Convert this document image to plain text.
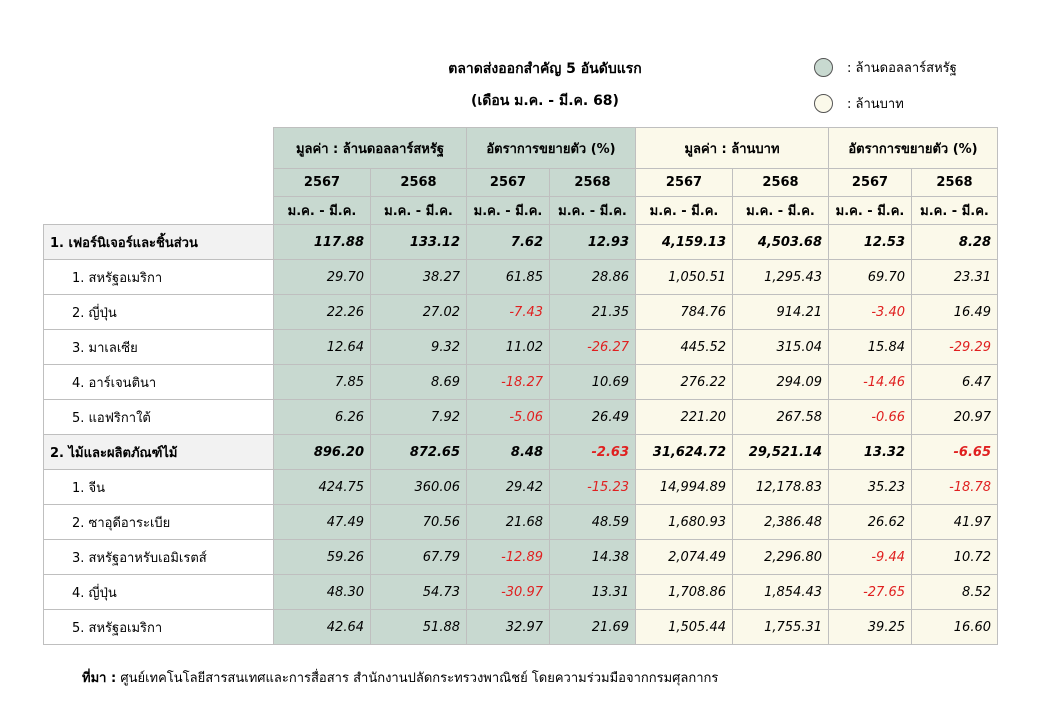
ตลาดส่งออกสำคัญ 5 อันดับแรก
(เดือน ม.ค. - มี.ค. 68)
: ล้านดอลลาร์สหรัฐ
: ล้านบาท
	มูลค่า : ล้านดอลลาร์สหรัฐ		อัตราการขยายตัว (%)		มูลค่า : ล้านบาท		อัตราการขยายตัว (%)	
	2567	2568	2567	2568	2567	2568	2567	2568
	ม.ค. - มี.ค.	ม.ค. - มี.ค.	ม.ค. - มี.ค.	ม.ค. - มี.ค.	ม.ค. - มี.ค.	ม.ค. - มี.ค.	ม.ค. - มี.ค.	ม.ค. - มี.ค.
1. เฟอร์นิเจอร์และชิ้นส่วน	117.88	133.12	7.62	12.93	4,159.13	4,503.68	12.53	8.28
1. สหรัฐอเมริกา	29.70	38.27	61.85	28.86	1,050.51	1,295.43	69.70	23.31
2. ญี่ปุ่น	22.26	27.02	-7.43	21.35	784.76	914.21	-3.40	16.49
3. มาเลเซีย	12.64	9.32	11.02	-26.27	445.52	315.04	15.84	-29.29
4. อาร์เจนตินา	7.85	8.69	-18.27	10.69	276.22	294.09	-14.46	6.47
5. แอฟริกาใต้	6.26	7.92	-5.06	26.49	221.20	267.58	-0.66	20.97
2. ไม้และผลิตภัณฑ์ไม้	896.20	872.65	8.48	-2.63	31,624.72	29,521.14	13.32	-6.65
1. จีน	424.75	360.06	29.42	-15.23	14,994.89	12,178.83	35.23	-18.78
2. ซาอุดีอาระเบีย	47.49	70.56	21.68	48.59	1,680.93	2,386.48	26.62	41.97
3. สหรัฐอาหรับเอมิเรตส์	59.26	67.79	-12.89	14.38	2,074.49	2,296.80	-9.44	10.72
4. ญี่ปุ่น	48.30	54.73	-30.97	13.31	1,708.86	1,854.43	-27.65	8.52
5. สหรัฐอเมริกา	42.64	51.88	32.97	21.69	1,505.44	1,755.31	39.25	16.60
ที่มา : ศูนย์เทคโนโลยีสารสนเทศและการสื่อสาร สำนักงานปลัดกระทรวงพาณิชย์ โดยความร่วมมือจากกรมศุลกากร
